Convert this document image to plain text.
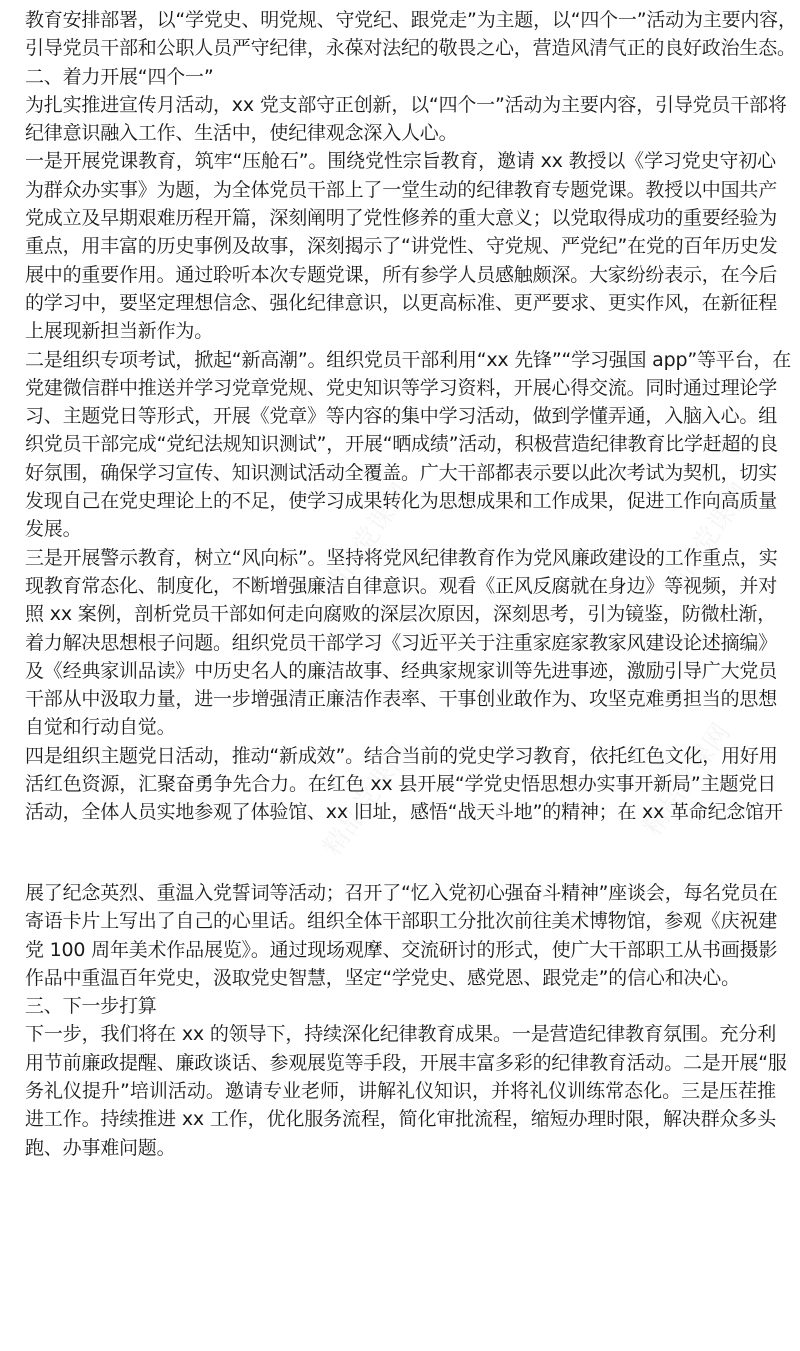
教育安排部署，以“学党史、明党规、守党纪、跟党走”为主题，以“四个一”活动为主要内容，
引导党员干部和公职人员严守纪律，永葆对法纪的敬畏之心，营造风清气正的良好政治生态。
二、着力开展“四个一”
为扎实推进宣传月活动，xx 党支部守正创新，以“四个一”活动为主要内容，引导党员干部将
纪律意识融入工作、生活中，使纪律观念深入人心。
一是开展党课教育，筑牢“压舱石”。围绕党性宗旨教育，邀请 xx 教授以《学习党史守初心
为群众办实事》为题，为全体党员干部上了一堂生动的纪律教育专题党课。教授以中国共产
党成立及早期艰难历程开篇，深刻阐明了党性修养的重大意义；以党取得成功的重要经验为
重点，用丰富的历史事例及故事，深刻揭示了“讲党性、守党规、严党纪”在党的百年历史发
展中的重要作用。通过聆听本次专题党课，所有参学人员感触颇深。大家纷纷表示，在今后
的学习中，要坚定理想信念、强化纪律意识，以更高标准、更严要求、更实作风，在新征程
上展现新担当新作为。
二是组织专项考试，掀起“新高潮”。组织党员干部利用“xx 先锋”“学习强国 app”等平台，在
党建微信群中推送并学习党章党规、党史知识等学习资料，开展心得交流。同时通过理论学
习、主题党日等形式，开展《党章》等内容的集中学习活动，做到学懂弄通，入脑入心。组
织党员干部完成“党纪法规知识测试”，开展“晒成绩”活动，积极营造纪律教育比学赶超的良
好氛围，确保学习宣传、知识测试活动全覆盖。广大干部都表示要以此次考试为契机，切实
发现自己在党史理论上的不足，使学习成果转化为思想成果和工作成果，促进工作向高质量
发展。
三是开展警示教育，树立“风向标”。坚持将党风纪律教育作为党风廉政建设的工作重点，实
现教育常态化、制度化，不断增强廉洁自律意识。观看《正风反腐就在身边》等视频，并对
照 xx 案例，剖析党员干部如何走向腐败的深层次原因，深刻思考，引为镜鉴，防微杜渐，
着力解决思想根子问题。组织党员干部学习《习近平关于注重家庭家教家风建设论述摘编》
及《经典家训品读》中历史名人的廉洁故事、经典家规家训等先进事迹，激励引导广大党员
干部从中汲取力量，进一步增强清正廉洁作表率、干事创业敢作为、攻坚克难勇担当的思想
自觉和行动自觉。
四是组织主题党日活动，推动“新成效”。结合当前的党史学习教育，依托红色文化，用好用
活红色资源，汇聚奋勇争先合力。在红色 xx 县开展“学党史悟思想办实事开新局”主题党日
活动，全体人员实地参观了体验馆、xx 旧址，感悟“战天斗地”的精神；在 xx 革命纪念馆开
展了纪念英烈、重温入党誓词等活动；召开了“忆入党初心强奋斗精神”座谈会，每名党员在
寄语卡片上写出了自己的心里话。组织全体干部职工分批次前往美术博物馆，参观《庆祝建
党 100 周年美术作品展览》。通过现场观摩、交流研讨的形式，使广大干部职工从书画摄影
作品中重温百年党史，汲取党史智慧，坚定“学党史、感党恩、跟党走”的信心和决心。
三、下一步打算
下一步，我们将在 xx 的领导下，持续深化纪律教育成果。一是营造纪律教育氛围。充分利
用节前廉政提醒、廉政谈话、参观展览等手段，开展丰富多彩的纪律教育活动。二是开展“服
务礼仪提升”培训活动。邀请专业老师，讲解礼仪知识，并将礼仪训练常态化。三是压茬推
进工作。持续推进 xx 工作，优化服务流程，简化审批流程，缩短办理时限，解决群众多头
跑、办事难问题。
